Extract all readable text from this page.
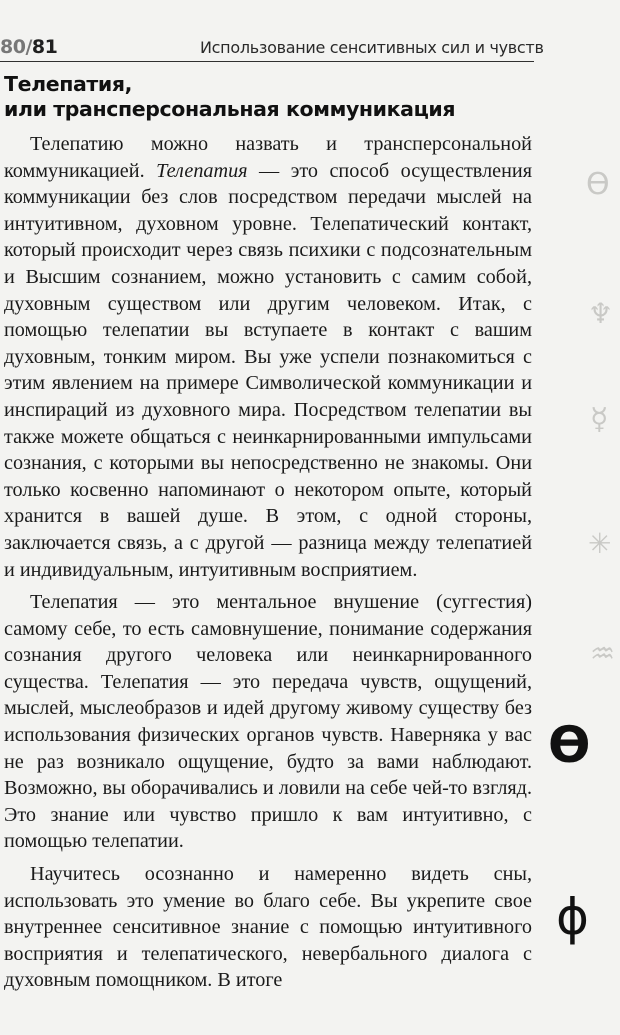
80/81	Использование сенситивных сил и чувств
Телепатия,
или трансперсональная коммуникация

Телепатию можно назвать и трансперсональной коммуникацией. Телепатия — это способ осуществления коммуникации без слов посредством передачи мыслей на интуитивном, духовном уровне. Телепатический контакт, который происходит через связь психики с подсознательным и Высшим сознанием, можно установить с самим собой, духовным существом или другим человеком. Итак, с помощью телепатии вы вступаете в контакт с вашим духовным, тонким миром. Вы уже успели познакомиться с этим явлением на примере Символической коммуникации и инспираций из духовного мира. Посредством телепатии вы также можете общаться с неинкарнированными импульсами сознания, с которыми вы непосредственно не знакомы. Они только косвенно напоминают о некотором опыте, который хранится в вашей душе. В этом, с одной стороны, заключается связь, а с другой — разница между телепатией и индивидуальным, интуитивным восприятием.

Телепатия — это ментальное внушение (суггестия) самому себе, то есть самовнушение, понимание содержания сознания другого человека или неинкарнированного существа. Телепатия — это передача чувств, ощущений, мыслей, мыслеобразов и идей другому живому существу без использования физических органов чувств. Наверняка у вас не раз возникало ощущение, будто за вами наблюдают. Возможно, вы оборачивались и ловили на себе чей-то взгляд. Это знание или чувство пришло к вам интуитивно, с помощью телепатии.

Научитесь осознанно и намеренно видеть сны, использовать это умение во благо себе. Вы укрепите свое внутреннее сенситивное знание с помощью интуитивного восприятия и телепатического, невербального диалога с духовным помощником. В итоге

ϴ
♆
☿
✳
♒
ϴ
ϕ
